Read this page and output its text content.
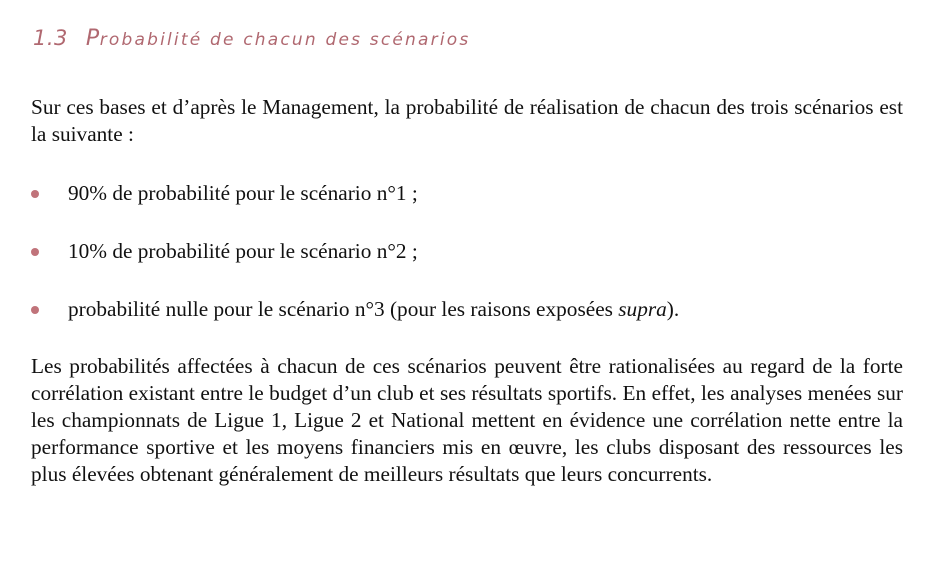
1.3 Probabilité de chacun des scénarios

Sur ces bases et d’après le Management, la probabilité de réalisation de chacun des trois scénarios est la suivante :

90% de probabilité pour le scénario n°1 ;
10% de probabilité pour le scénario n°2 ;
probabilité nulle pour le scénario n°3 (pour les raisons exposées supra).

Les probabilités affectées à chacun de ces scénarios peuvent être rationalisées au regard de la forte corrélation existant entre le budget d’un club et ses résultats sportifs. En effet, les analyses menées sur les championnats de Ligue 1, Ligue 2 et National mettent en évidence une corrélation nette entre la performance sportive et les moyens financiers mis en œuvre, les clubs disposant des ressources les plus élevées obtenant généralement de meilleurs résultats que leurs concurrents.
